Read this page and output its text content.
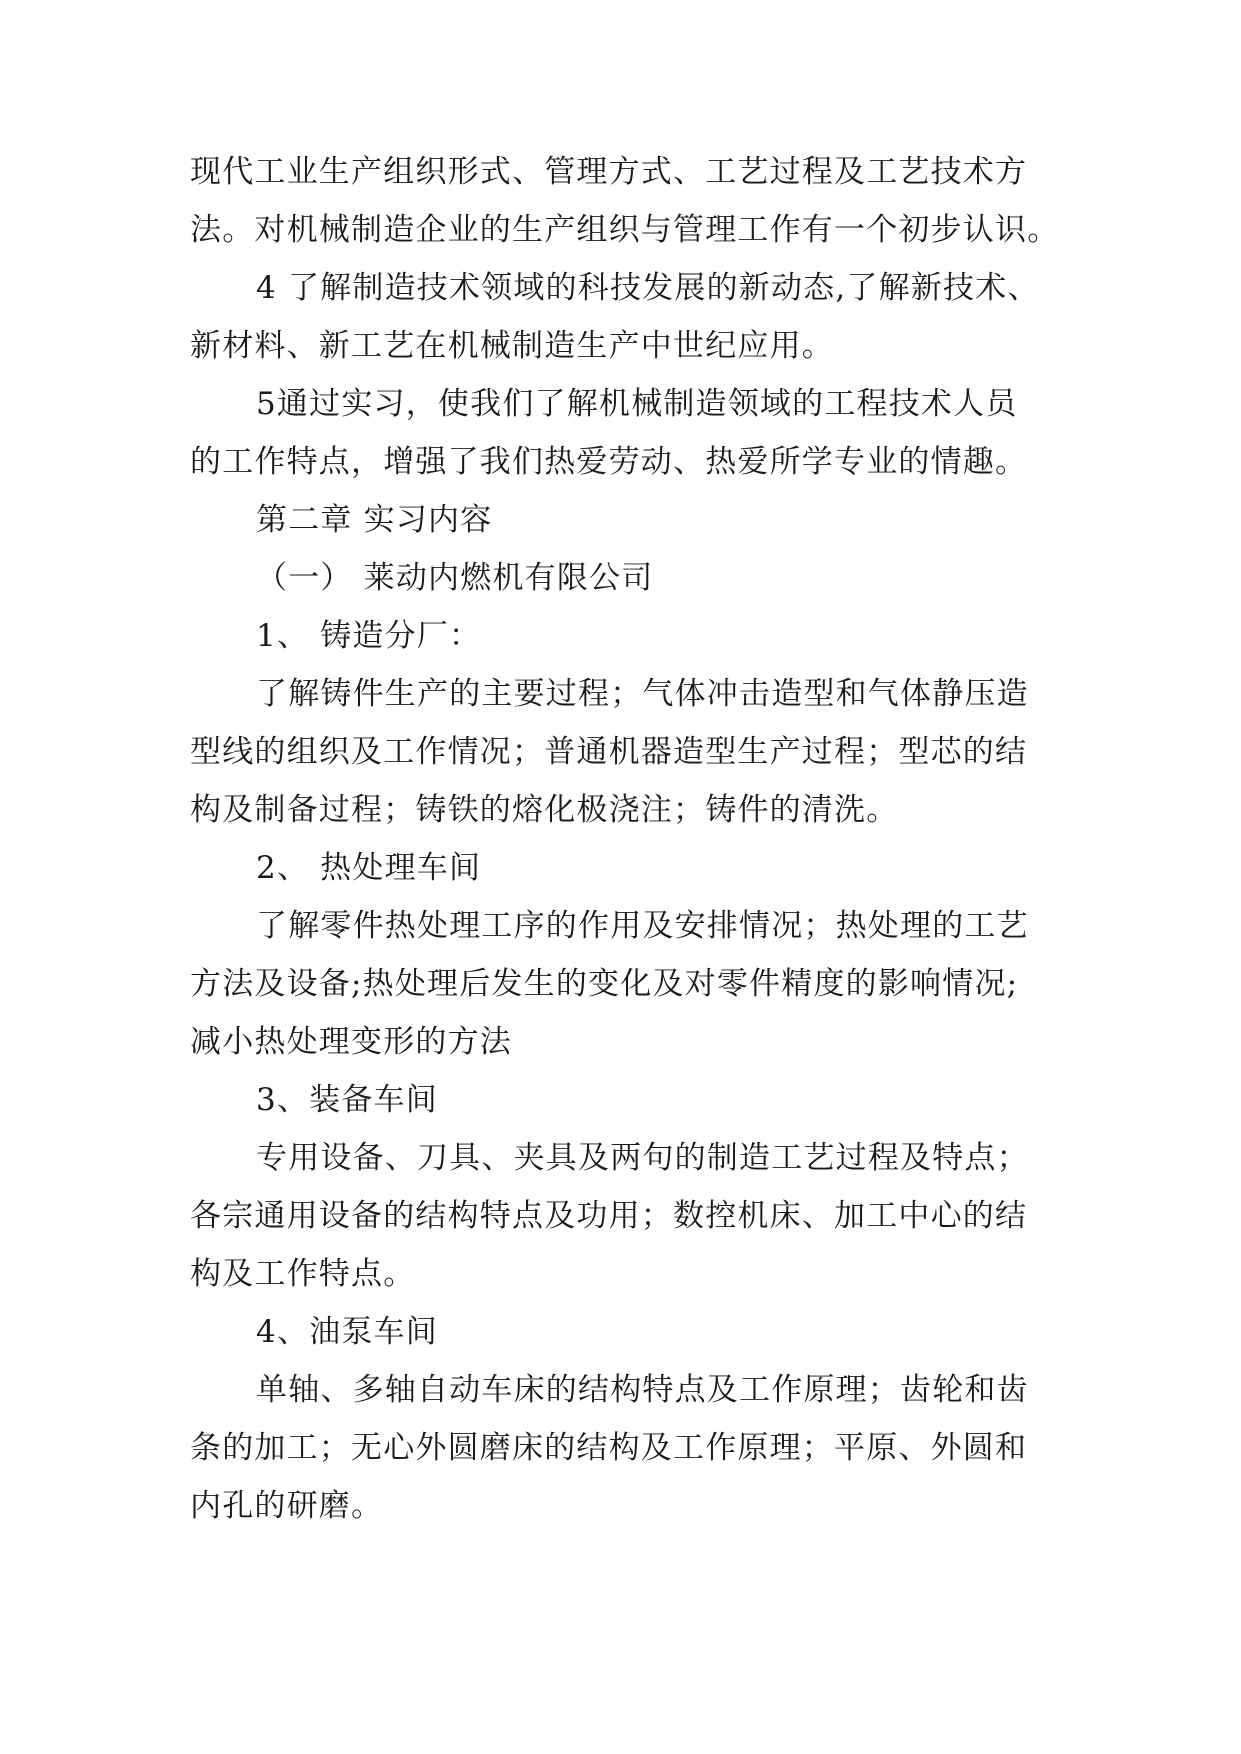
现代工业生产组织形式、管理方式、工艺过程及工艺技术方
法。对机械制造企业的生产组织与管理工作有一个初步认识。
4 了解制造技术领域的科技发展的新动态,了解新技术、
新材料、新工艺在机械制造生产中世纪应用。
5通过实习，使我们了解机械制造领域的工程技术人员
的工作特点，增强了我们热爱劳动、热爱所学专业的情趣。
第二章 实习内容
（一） 莱动内燃机有限公司
1、 铸造分厂：
了解铸件生产的主要过程；气体冲击造型和气体静压造
型线的组织及工作情况；普通机器造型生产过程；型芯的结
构及制备过程；铸铁的熔化极浇注；铸件的清洗。
2、 热处理车间
了解零件热处理工序的作用及安排情况；热处理的工艺
方法及设备;热处理后发生的变化及对零件精度的影响情况;
减小热处理变形的方法
3、装备车间
专用设备、刀具、夹具及两句的制造工艺过程及特点；
各宗通用设备的结构特点及功用；数控机床、加工中心的结
构及工作特点。
4、油泵车间
单轴、多轴自动车床的结构特点及工作原理；齿轮和齿
条的加工；无心外圆磨床的结构及工作原理；平原、外圆和
内孔的研磨。
